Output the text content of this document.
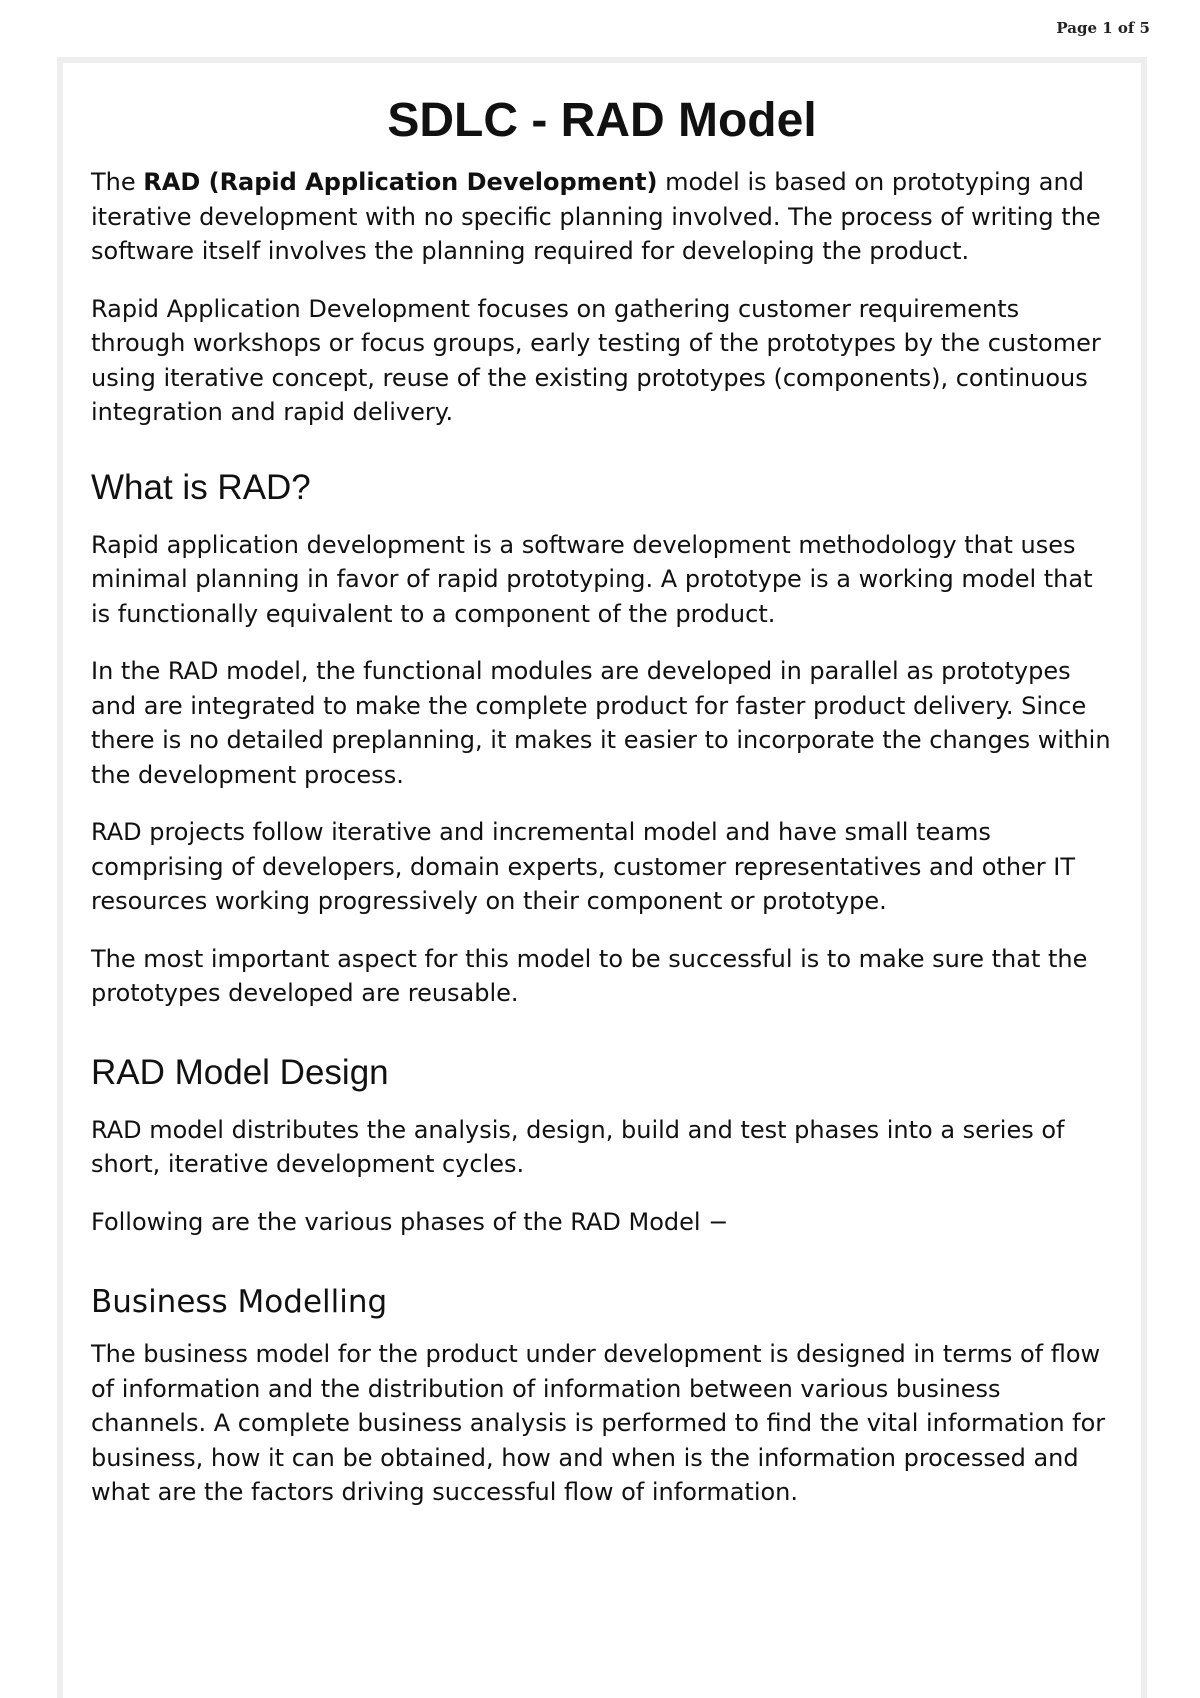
Page 1 of 5
SDLC - RAD Model

The RAD (Rapid Application Development) model is based on prototyping and iterative development with no specific planning involved. The process of writing the software itself involves the planning required for developing the product.

Rapid Application Development focuses on gathering customer requirements through workshops or focus groups, early testing of the prototypes by the customer using iterative concept, reuse of the existing prototypes (components), continuous integration and rapid delivery.

What is RAD?

Rapid application development is a software development methodology that uses minimal planning in favor of rapid prototyping. A prototype is a working model that is functionally equivalent to a component of the product.

In the RAD model, the functional modules are developed in parallel as prototypes and are integrated to make the complete product for faster product delivery. Since there is no detailed preplanning, it makes it easier to incorporate the changes within the development process.

RAD projects follow iterative and incremental model and have small teams comprising of developers, domain experts, customer representatives and other IT resources working progressively on their component or prototype.

The most important aspect for this model to be successful is to make sure that the prototypes developed are reusable.

RAD Model Design

RAD model distributes the analysis, design, build and test phases into a series of short, iterative development cycles.

Following are the various phases of the RAD Model −

Business Modelling

The business model for the product under development is designed in terms of flow of information and the distribution of information between various business channels. A complete business analysis is performed to find the vital information for business, how it can be obtained, how and when is the information processed and what are the factors driving successful flow of information.
